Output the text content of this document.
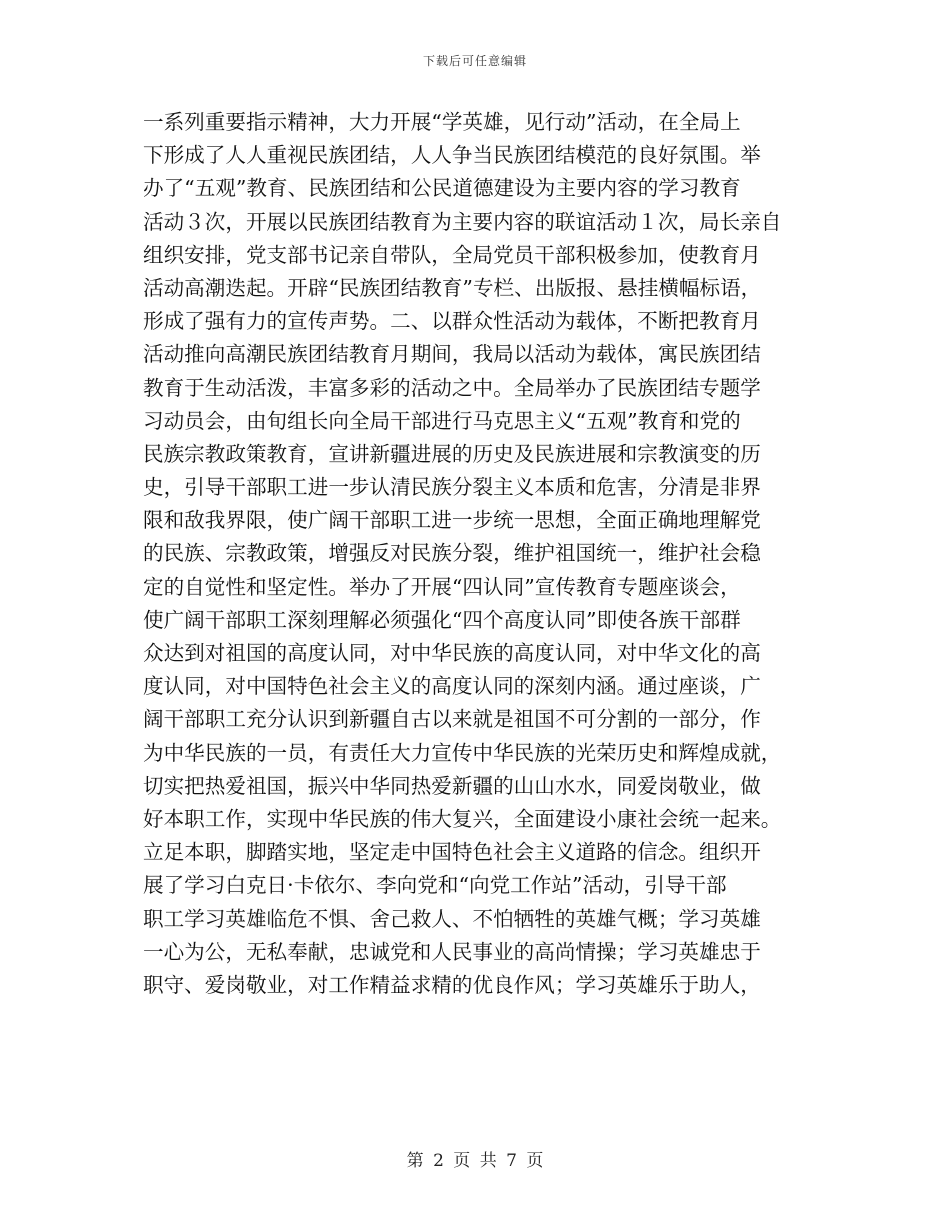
下载后可任意编辑
一系列重要指示精神，大力开展“学英雄，见行动”活动，在全局上
下形成了人人重视民族团结，人人争当民族团结模范的良好氛围。举
办了“五观”教育、民族团结和公民道德建设为主要内容的学习教育
活动３次，开展以民族团结教育为主要内容的联谊活动１次，局长亲自
组织安排，党支部书记亲自带队，全局党员干部积极参加，使教育月
活动高潮迭起。开辟“民族团结教育”专栏、出版报、悬挂横幅标语，
形成了强有力的宣传声势。二、以群众性活动为载体，不断把教育月
活动推向高潮民族团结教育月期间，我局以活动为载体，寓民族团结
教育于生动活泼，丰富多彩的活动之中。全局举办了民族团结专题学
习动员会，由旬组长向全局干部进行马克思主义“五观”教育和党的
民族宗教政策教育，宣讲新疆进展的历史及民族进展和宗教演变的历
史，引导干部职工进一步认清民族分裂主义本质和危害，分清是非界
限和敌我界限，使广阔干部职工进一步统一思想，全面正确地理解党
的民族、宗教政策，增强反对民族分裂，维护祖国统一，维护社会稳
定的自觉性和坚定性。举办了开展“四认同”宣传教育专题座谈会，
使广阔干部职工深刻理解必须强化“四个高度认同”即使各族干部群
众达到对祖国的高度认同，对中华民族的高度认同，对中华文化的高
度认同，对中国特色社会主义的高度认同的深刻内涵。通过座谈，广
阔干部职工充分认识到新疆自古以来就是祖国不可分割的一部分，作
为中华民族的一员，有责任大力宣传中华民族的光荣历史和辉煌成就，
切实把热爱祖国，振兴中华同热爱新疆的山山水水，同爱岗敬业，做
好本职工作，实现中华民族的伟大复兴，全面建设小康社会统一起来。
立足本职，脚踏实地，坚定走中国特色社会主义道路的信念。组织开
展了学习白克日·卡依尔、李向党和“向党工作站”活动，引导干部
职工学习英雄临危不惧、舍己救人、不怕牺牲的英雄气概；学习英雄
一心为公，无私奉献，忠诚党和人民事业的高尚情操；学习英雄忠于
职守、爱岗敬业，对工作精益求精的优良作风；学习英雄乐于助人，
第 2 页 共 7 页
